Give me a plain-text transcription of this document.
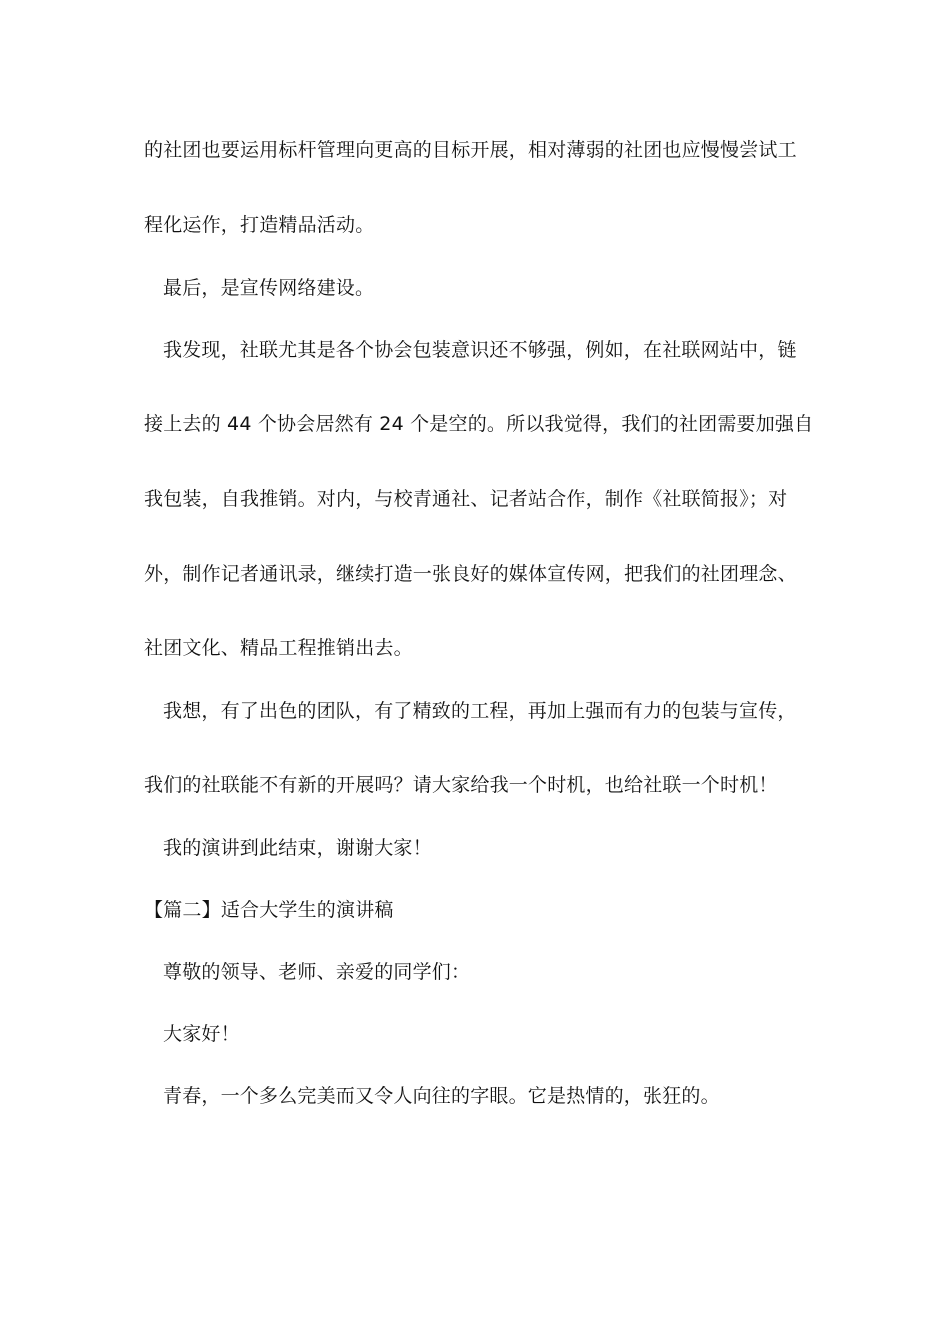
的社团也要运用标杆管理向更高的目标开展，相对薄弱的社团也应慢慢尝试工
程化运作，打造精品活动。
最后，是宣传网络建设。
我发现，社联尤其是各个协会包装意识还不够强，例如，在社联网站中，链
接上去的 44 个协会居然有 24 个是空的。所以我觉得，我们的社团需要加强自
我包装，自我推销。对内，与校青通社、记者站合作，制作《社联简报》；对
外，制作记者通讯录，继续打造一张良好的媒体宣传网，把我们的社团理念、
社团文化、精品工程推销出去。
我想，有了出色的团队，有了精致的工程，再加上强而有力的包装与宣传，
我们的社联能不有新的开展吗？请大家给我一个时机，也给社联一个时机！
我的演讲到此结束，谢谢大家！
【篇二】适合大学生的演讲稿
尊敬的领导、老师、亲爱的同学们：
大家好！
青春，一个多么完美而又令人向往的字眼。它是热情的，张狂的。
